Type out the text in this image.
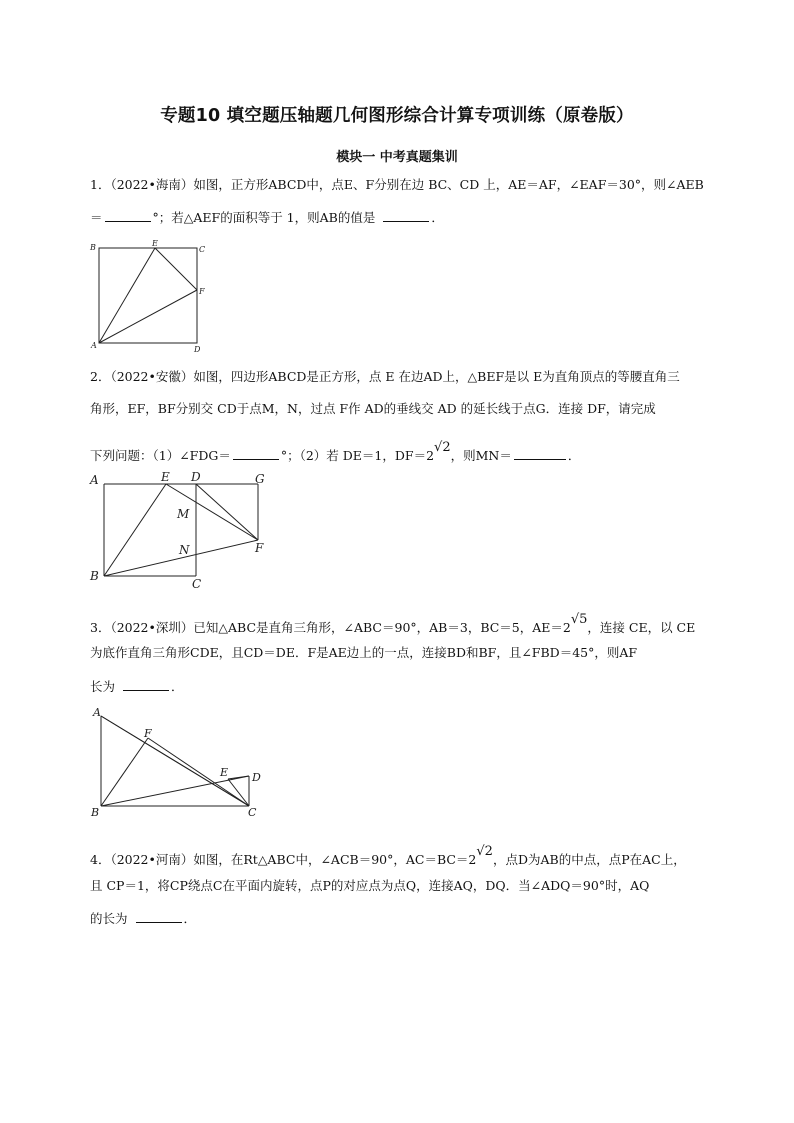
专题10 填空题压轴题几何图形综合计算专项训练（原卷版）
模块一 中考真题集训
1．（2022•海南）如图，正方形ABCD中，点E、F分别在边 BC、CD 上，AE＝AF，∠EAF＝30°，则∠AEB
＝	°；若△AEF的面积等于 1，则AB的值是	．
B	E
C
F
A	D
2．（2022•安徽）如图，四边形ABCD是正方形，点 E 在边AD上，△BEF是以 E为直角顶点的等腰直角三
角形，EF，BF分别交 CD于点M，N，过点 F作 AD的垂线交 AD 的延长线于点G．连接 DF，请完成
下列问题：（1）∠FDG＝	°；（2）若 DE＝1，$DF=2^{√2}$，则MN＝	．
A	E D	G
M
N	F
B
C
3．（2022•深圳）已知△ABC是直角三角形，∠ABC＝90°，AB＝3，BC＝5，$AE=2^{√5}$，连接 CE，以 CE
为底作直角三角形CDE，且CD＝DE．F是AE边上的一点，连接BD和BF，且∠FBD＝45°，则AF
长为	．
A
F
E D
B	C
4．（2022•河南）如图，在Rt△ABC中，∠ACB＝90°，$AC=BC=2^{√2}$，点D为AB的中点，点P在AC上，
且 CP＝1，将CP绕点C在平面内旋转，点P的对应点为点Q，连接AQ，DQ．当∠ADQ＝90°时，AQ
的长为	．
